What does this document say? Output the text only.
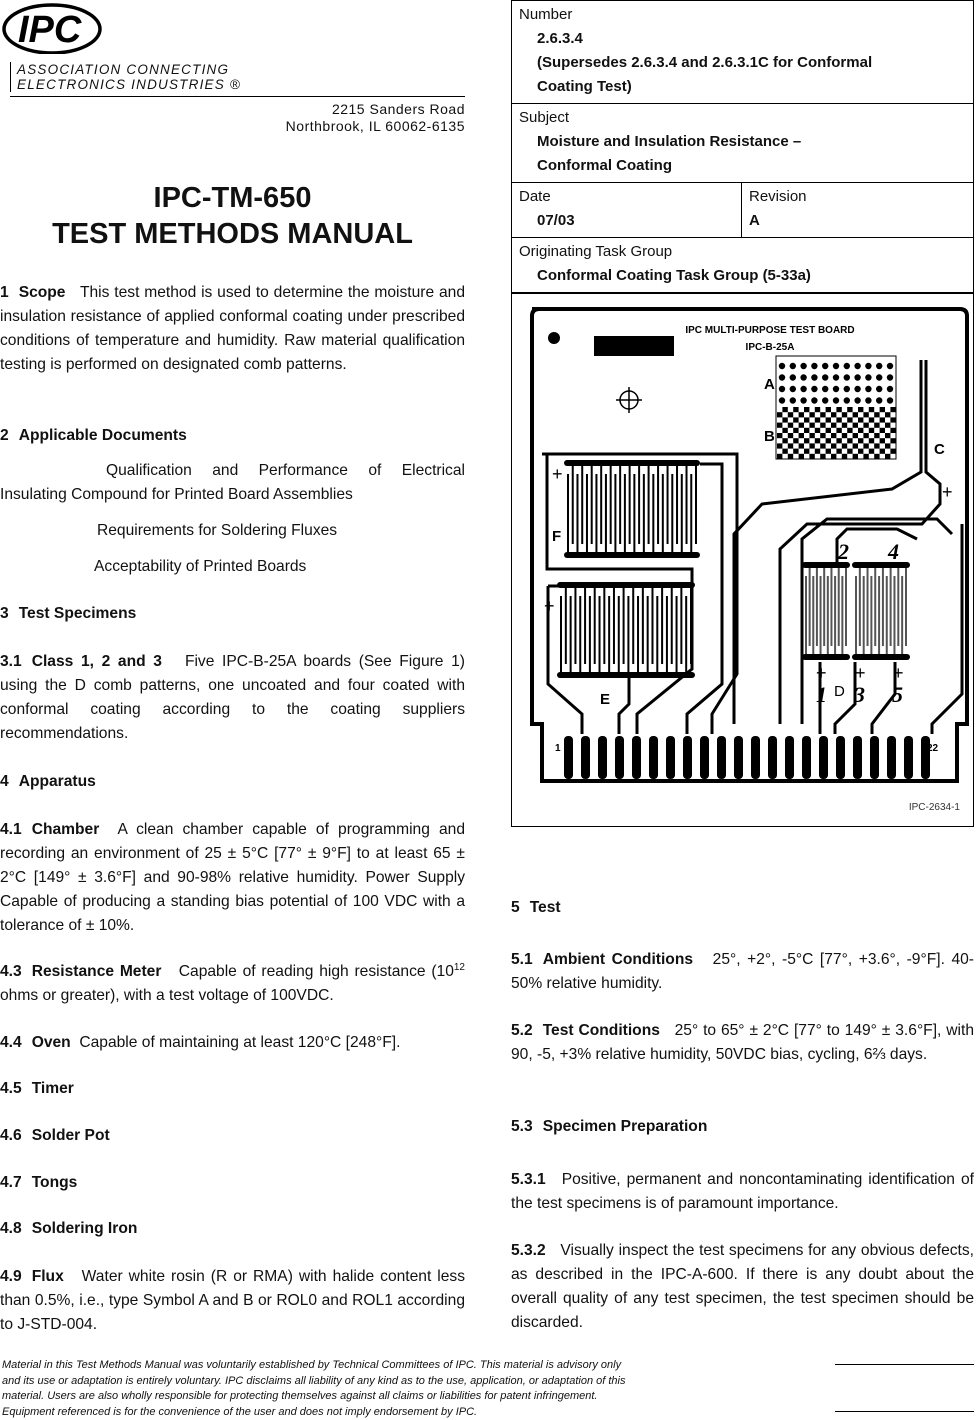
IPC
ASSOCIATION CONNECTING
ELECTRONICS INDUSTRIES ®
2215 Sanders Road
Northbrook, IL 60062-6135
IPC-TM-650
TEST METHODS MANUAL
Number
2.6.3.4
(Supersedes 2.6.3.4 and 2.6.3.1C for Conformal
Coating Test)

Subject
Moisture and Insulation Resistance –
Conformal Coating

Date
07/03

Revision
A

Originating Task Group
Conformal Coating Task Group (5-33a)
IPC MULTI-PURPOSE TEST BOARD
IPC-B-25A
A
B
C
F
E	D
+
+
+
+ + +
1
2
3
4
5
1	22
IPC-2634-1
1 Scope This test method is used to determine the moisture and insulation resistance of applied conformal coating under prescribed conditions of temperature and humidity. Raw material qualification testing is performed on designated comb patterns.
2 Applicable Documents
Qualification and Performance of Electrical Insulating Compound for Printed Board Assemblies
Requirements for Soldering Fluxes
Acceptability of Printed Boards
3 Test Specimens
3.1 Class 1, 2 and 3 Five IPC-B-25A boards (See Figure 1) using the D comb patterns, one uncoated and four coated with conformal coating according to the coating suppliers recommendations.
4 Apparatus
4.1 Chamber A clean chamber capable of programming and recording an environment of 25 ± 5°C [77° ± 9°F] to at least 65 ± 2°C [149° ± 3.6°F] and 90-98% relative humidity. Power Supply Capable of producing a standing bias potential of 100 VDC with a tolerance of ± 10%.
4.3 Resistance Meter Capable of reading high resistance ($10^{12}$ ohms or greater), with a test voltage of 100VDC.
4.4 Oven Capable of maintaining at least 120°C [248°F].
4.5 Timer
4.6 Solder Pot
4.7 Tongs
4.8 Soldering Iron
4.9 Flux Water white rosin (R or RMA) with halide content less than 0.5%, i.e., type Symbol A and B or ROL0 and ROL1 according to J-STD-004.
5 Test
5.1 Ambient Conditions 25°, +2°, -5°C [77°, +3.6°, -9°F]. 40-50% relative humidity.
5.2 Test Conditions 25° to 65° ± 2°C [77° to 149° ± 3.6°F], with 90, -5, +3% relative humidity, 50VDC bias, cycling, 6⅔ days.
5.3 Specimen Preparation
5.3.1 Positive, permanent and noncontaminating identification of the test specimens is of paramount importance.
5.3.2 Visually inspect the test specimens for any obvious defects, as described in the IPC-A-600. If there is any doubt about the overall quality of any test specimen, the test specimen should be discarded.
Material in this Test Methods Manual was voluntarily established by Technical Committees of IPC. This material is advisory only
and its use or adaptation is entirely voluntary. IPC disclaims all liability of any kind as to the use, application, or adaptation of this
material. Users are also wholly responsible for protecting themselves against all claims or liabilities for patent infringement.
Equipment referenced is for the convenience of the user and does not imply endorsement by IPC.
